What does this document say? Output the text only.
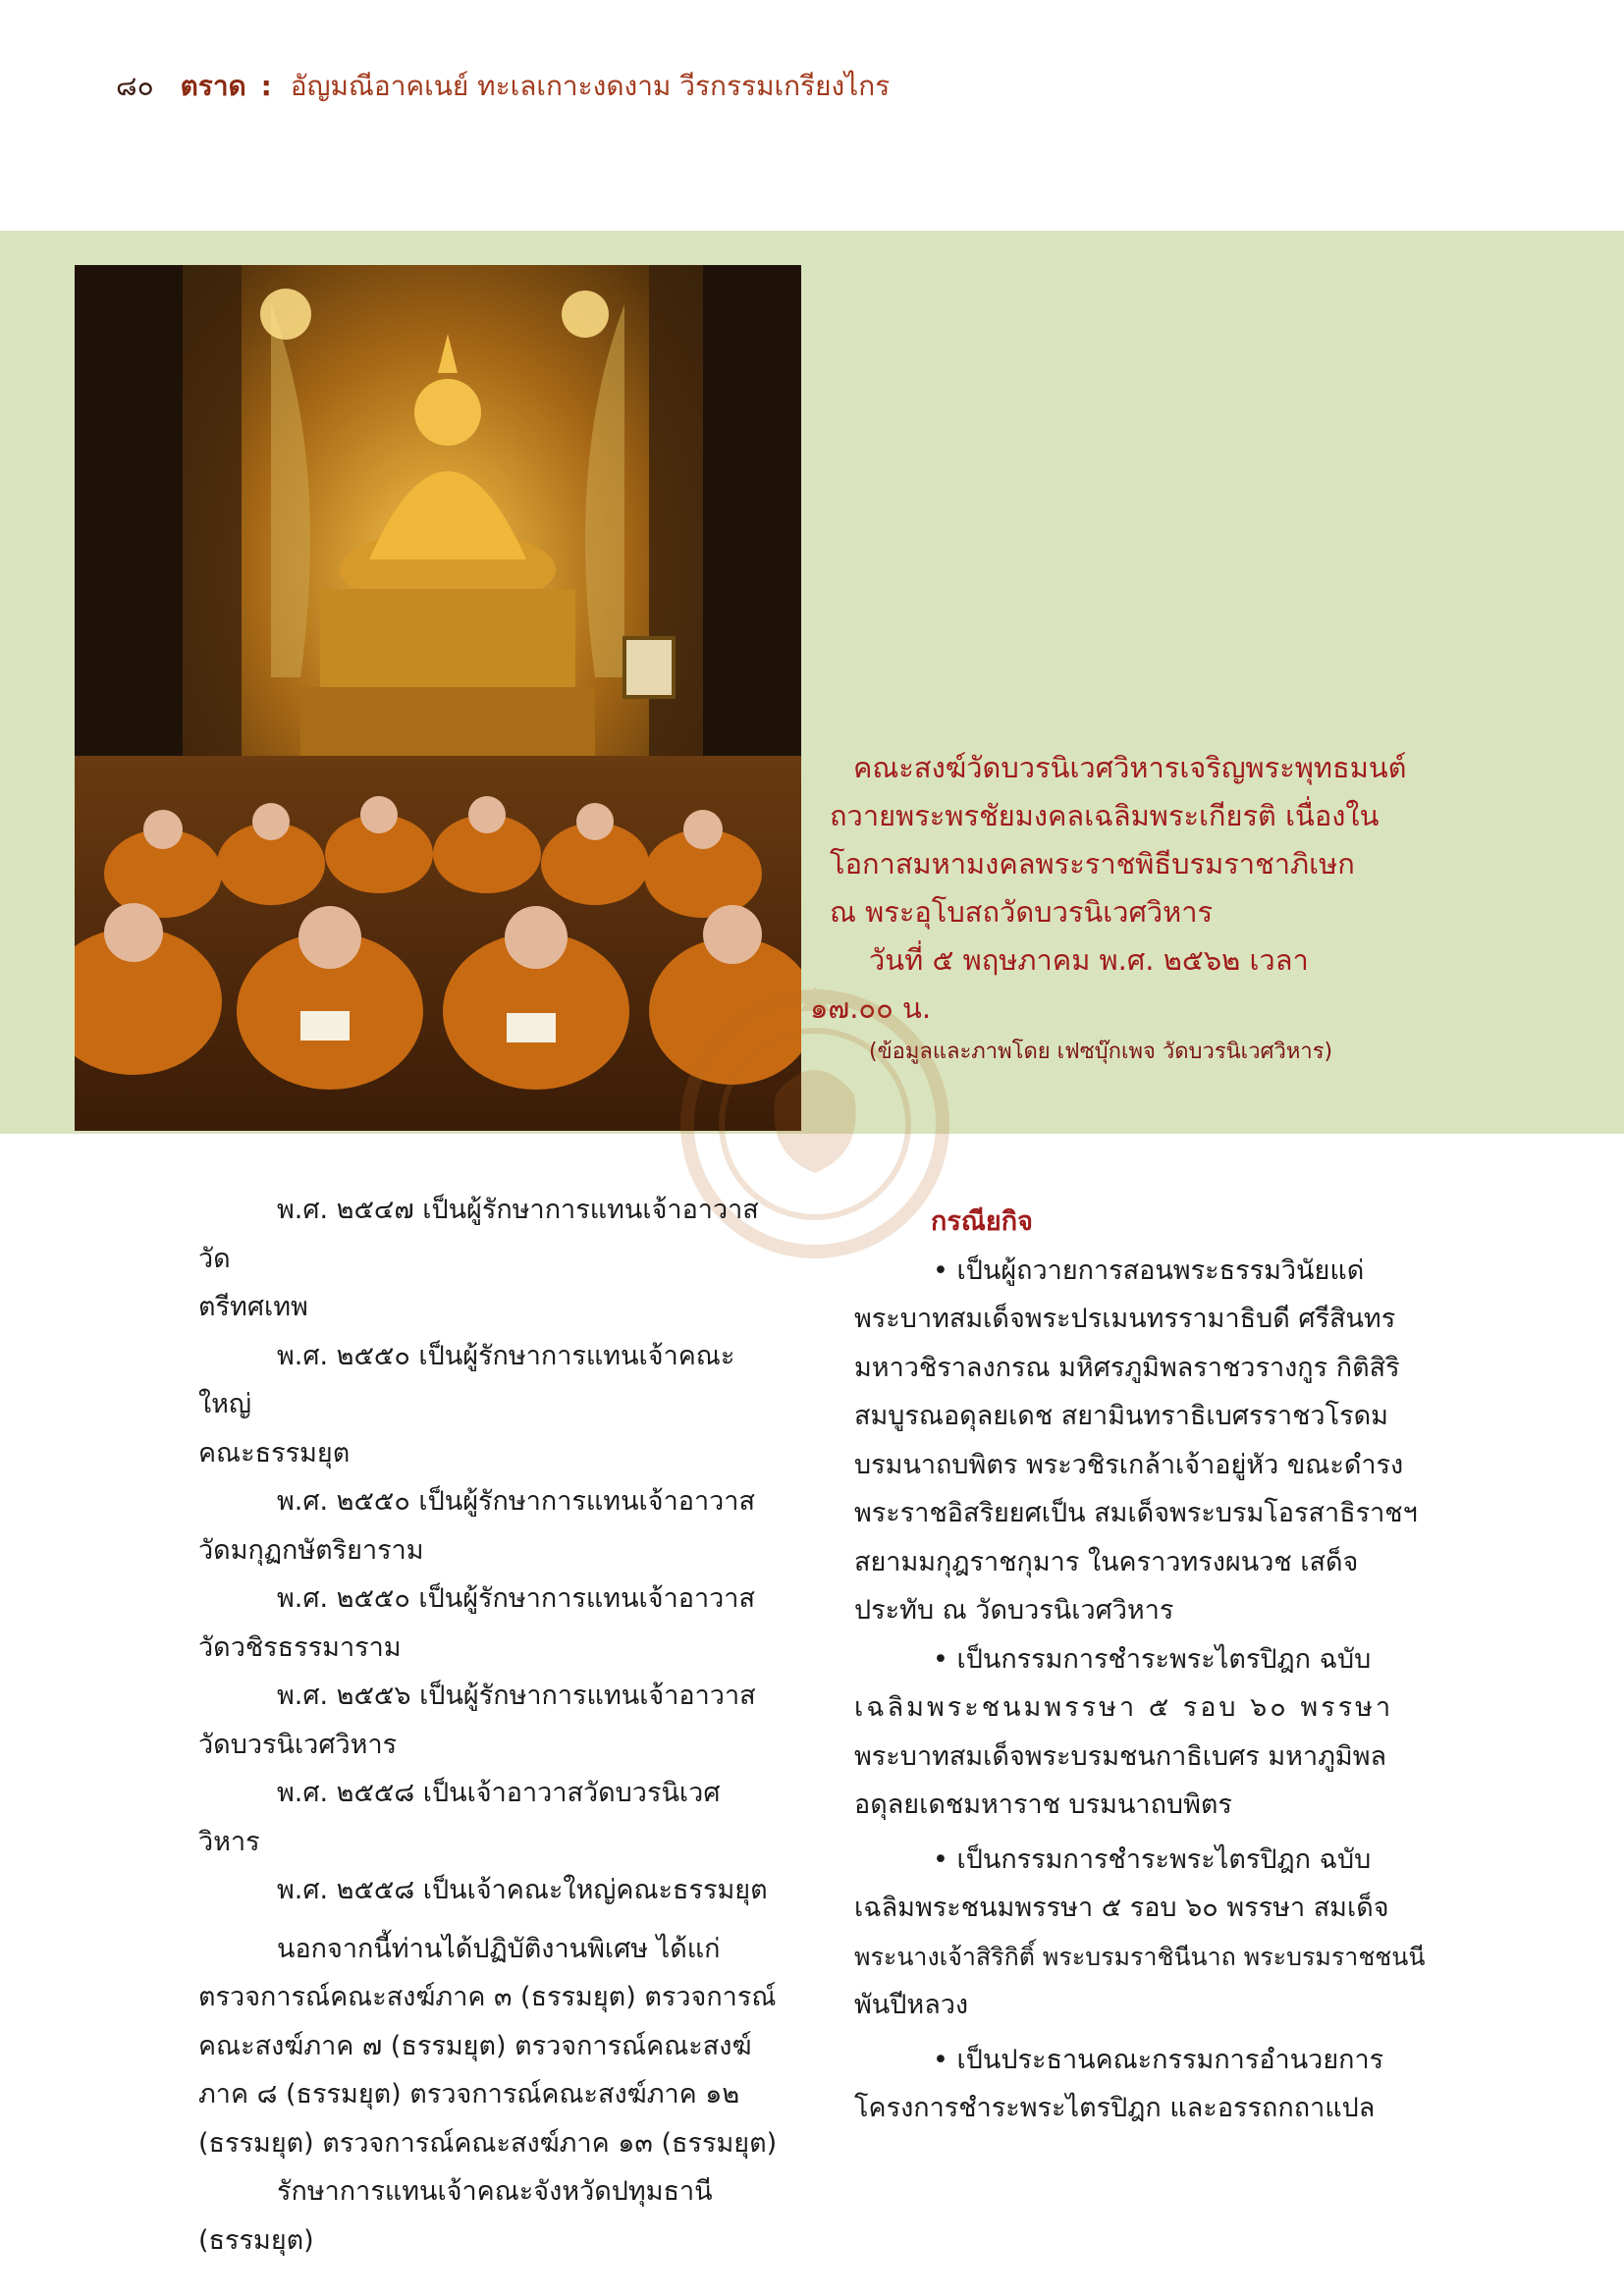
๘๐ ตราด : อัญมณีอาคเนย์ ทะเลเกาะงดงาม วีรกรรมเกรียงไกร

คณะสงฆ์วัดบวรนิเวศวิหารเจริญพระพุทธมนต์

ถวายพระพรชัยมงคลเฉลิมพระเกียรติ เนื่องใน

โอกาสมหามงคลพระราชพิธีบรมราชาภิเษก

ณ พระอุโบสถวัดบวรนิเวศวิหาร

วันที่ ๕ พฤษภาคม พ.ศ. ๒๕๖๒ เวลา

๑๗.๐๐ น.

(ข้อมูลและภาพโดย เฟซบุ๊กเพจ วัดบวรนิเวศวิหาร)

พ.ศ. ๒๕๔๗ เป็นผู้รักษาการแทนเจ้าอาวาสวัด

ตรีทศเทพ

พ.ศ. ๒๕๕๐ เป็นผู้รักษาการแทนเจ้าคณะใหญ่

คณะธรรมยุต

พ.ศ. ๒๕๕๐ เป็นผู้รักษาการแทนเจ้าอาวาส

วัดมกุฏกษัตริยาราม

พ.ศ. ๒๕๕๐ เป็นผู้รักษาการแทนเจ้าอาวาส

วัดวชิรธรรมาราม

พ.ศ. ๒๕๕๖ เป็นผู้รักษาการแทนเจ้าอาวาส

วัดบวรนิเวศวิหาร

พ.ศ. ๒๕๕๘ เป็นเจ้าอาวาสวัดบวรนิเวศวิหาร

พ.ศ. ๒๕๕๘ เป็นเจ้าคณะใหญ่คณะธรรมยุต

นอกจากนี้ท่านได้ปฏิบัติงานพิเศษ ได้แก่

ตรวจการณ์คณะสงฆ์ภาค ๓ (ธรรมยุต) ตรวจการณ์

คณะสงฆ์ภาค ๗ (ธรรมยุต) ตรวจการณ์คณะสงฆ์

ภาค ๘ (ธรรมยุต) ตรวจการณ์คณะสงฆ์ภาค ๑๒

(ธรรมยุต) ตรวจการณ์คณะสงฆ์ภาค ๑๓ (ธรรมยุต)

รักษาการแทนเจ้าคณะจังหวัดปทุมธานี

(ธรรมยุต)

กรณียกิจ

• เป็นผู้ถวายการสอนพระธรรมวินัยแด่

พระบาทสมเด็จพระปรเมนทรรามาธิบดี ศรีสินทร

มหาวชิราลงกรณ มหิศรภูมิพลราชวรางกูร กิติสิริ

สมบูรณอดุลยเดช สยามินทราธิเบศรราชวโรดม

บรมนาถบพิตร พระวชิรเกล้าเจ้าอยู่หัว ขณะดำรง

พระราชอิสริยยศเป็น สมเด็จพระบรมโอรสาธิราชฯ

สยามมกุฎราชกุมาร ในคราวทรงผนวช เสด็จ

ประทับ ณ วัดบวรนิเวศวิหาร

• เป็นกรรมการชำระพระไตรปิฎก ฉบับ

เฉลิมพระชนมพรรษา ๕ รอบ ๖๐ พรรษา

พระบาทสมเด็จพระบรมชนกาธิเบศร มหาภูมิพล

อดุลยเดชมหาราช บรมนาถบพิตร

• เป็นกรรมการชำระพระไตรปิฎก ฉบับ

เฉลิมพระชนมพรรษา ๕ รอบ ๖๐ พรรษา สมเด็จ

พระนางเจ้าสิริกิติ์ พระบรมราชินีนาถ พระบรมราชชนนี

พันปีหลวง

• เป็นประธานคณะกรรมการอำนวยการ

โครงการชำระพระไตรปิฎก และอรรถกถาแปล
